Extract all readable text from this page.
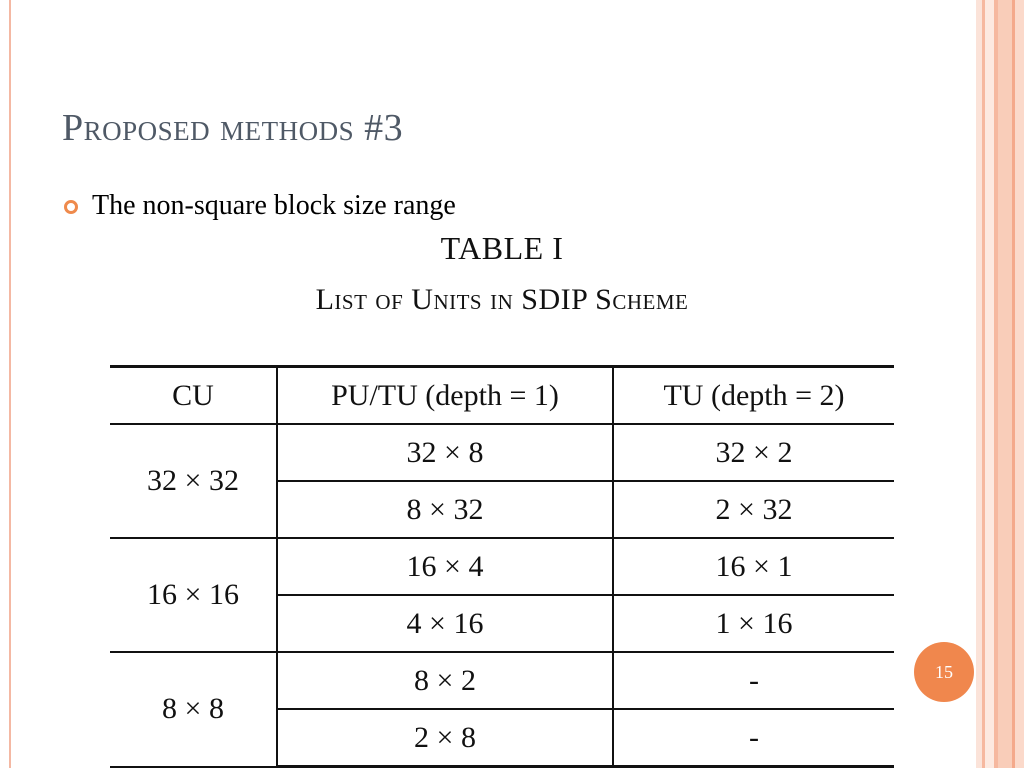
Proposed methods #3
The non-square block size range
TABLE I
List of Units in SDIP Scheme
CU	PU/TU (depth = 1)	TU (depth = 2)
32 × 32	32 × 8	32 × 2
	8 × 32	2 × 32
16 × 16	16 × 4	16 × 1
	4 × 16	1 × 16
8 × 8	8 × 2	-
	2 × 8	-
15
